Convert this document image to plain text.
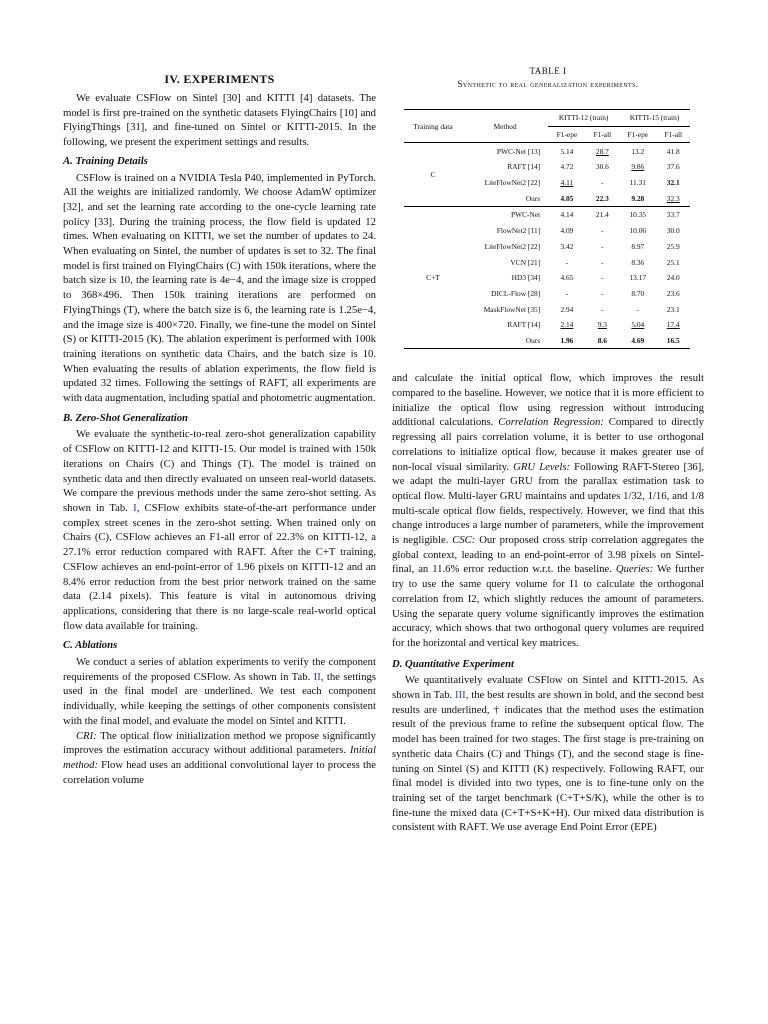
IV. EXPERIMENTS

We evaluate CSFlow on Sintel [30] and KITTI [4] datasets. The model is first pre-trained on the synthetic datasets FlyingChairs [10] and FlyingThings [31], and fine-tuned on Sintel or KITTI-2015. In the following, we present the experiment settings and results.

A. Training Details

CSFlow is trained on a NVIDIA Tesla P40, implemented in PyTorch. All the weights are initialized randomly. We choose AdamW optimizer [32], and set the learning rate according to the one-cycle learning rate policy [33]. During the training process, the flow field is updated 12 times. When evaluating on KITTI, we set the number of updates to 24. When evaluating on Sintel, the number of updates is set to 32. The final model is first trained on FlyingChairs (C) with 150k iterations, where the batch size is 10, the learning rate is 4e−4, and the image size is cropped to 368×496. Then 150k training iterations are performed on FlyingThings (T), where the batch size is 6, the learning rate is 1.25e−4, and the image size is 400×720. Finally, we fine-tune the model on Sintel (S) or KITTI-2015 (K). The ablation experiment is performed with 100k training iterations on synthetic data Chairs, and the batch size is 10. When evaluating the results of ablation experiments, the flow field is updated 32 times. Following the settings of RAFT, all experiments are with data augmentation, including spatial and photometric augmentation.

B. Zero-Shot Generalization

We evaluate the synthetic-to-real zero-shot generalization capability of CSFlow on KITTI-12 and KITTI-15. Our model is trained with 150k iterations on Chairs (C) and Things (T). The model is trained on synthetic data and then directly evaluated on unseen real-world datasets. We compare the previous methods under the same zero-shot setting. As shown in Tab. I, CSFlow exhibits state-of-the-art performance under complex street scenes in the zero-shot setting. When trained only on Chairs (C), CSFlow achieves an F1-all error of 22.3% on KITTI-12, a 27.1% error reduction compared with RAFT. After the C+T training, CSFlow achieves an end-point-error of 1.96 pixels on KITTI-12 and an 8.4% error reduction from the best prior network trained on the same data (2.14 pixels). This feature is vital in autonomous driving applications, considering that there is no large-scale real-world optical flow data available for training.

C. Ablations

We conduct a series of ablation experiments to verify the component requirements of the proposed CSFlow. As shown in Tab. II, the settings used in the final model are underlined. We test each component individually, while keeping the settings of other components consistent with the final model, and evaluate the model on Sintel and KITTI.

CRI: The optical flow initialization method we propose significantly improves the estimation accuracy without additional parameters. Initial method: Flow head uses an additional convolutional layer to process the correlation volume

TABLE I
Synthetic to real generalization experiments.
Training data	Method	KITTI-12 (train)		KITTI-15 (train)	
		F1-epe	F1-all	F1-epe	F1-all
C	PWC-Net [13]	5.14	28.7	13.2	41.8
	RAFT [14]	4.72	30.6	9.86	37.6
	LiteFlowNet2 [22]	4.11	-	11.31	32.1
	Ours	4.05	22.3	9.28	32.3
C+T	PWC-Net	4.14	21.4	10.35	33.7
	FlowNet2 [11]	4.09	-	10.06	30.0
	LiteFlowNet2 [22]	3.42	-	8.97	25.9
	VCN [21]	-	-	8.36	25.1
	HD3 [34]	4.65	-	13.17	24.0
	DICL-Flow [28]	-	-	8.70	23.6
	MaskFlowNet [35]	2.94	-	-	23.1
	RAFT [14]	2.14	9.3	5.04	17.4
	Ours	1.96	8.6	4.69	16.5

and calculate the initial optical flow, which improves the result compared to the baseline. However, we notice that it is more efficient to initialize the optical flow using regression without introducing additional calculations. Correlation Regression: Compared to directly regressing all pairs correlation volume, it is better to use orthogonal correlations to initialize optical flow, because it makes greater use of non-local visual similarity. GRU Levels: Following RAFT-Stereo [36], we adapt the multi-layer GRU from the parallax estimation task to optical flow. Multi-layer GRU maintains and updates 1/32, 1/16, and 1/8 multi-scale optical flow fields, respectively. However, we find that this change introduces a large number of parameters, while the improvement is negligible. CSC: Our proposed cross strip correlation aggregates the global context, leading to an end-point-error of 3.98 pixels on Sintel-final, an 11.6% error reduction w.r.t. the baseline. Queries: We further try to use the same query volume for I1 to calculate the orthogonal correlation from I2, which slightly reduces the amount of parameters. Using the separate query volume significantly improves the estimation accuracy, which shows that two orthogonal query volumes are required for the horizontal and vertical key matrices.

D. Quantitative Experiment

We quantitatively evaluate CSFlow on Sintel and KITTI-2015. As shown in Tab. III, the best results are shown in bold, and the second best results are underlined, † indicates that the method uses the estimation result of the previous frame to refine the subsequent optical flow. The model has been trained for two stages. The first stage is pre-training on synthetic data Chairs (C) and Things (T), and the second stage is fine-tuning on Sintel (S) and KITTI (K) respectively. Following RAFT, our final model is divided into two types, one is to fine-tune only on the training set of the target benchmark (C+T+S/K), while the other is to fine-tune the mixed data (C+T+S+K+H). Our mixed data distribution is consistent with RAFT. We use average End Point Error (EPE)
